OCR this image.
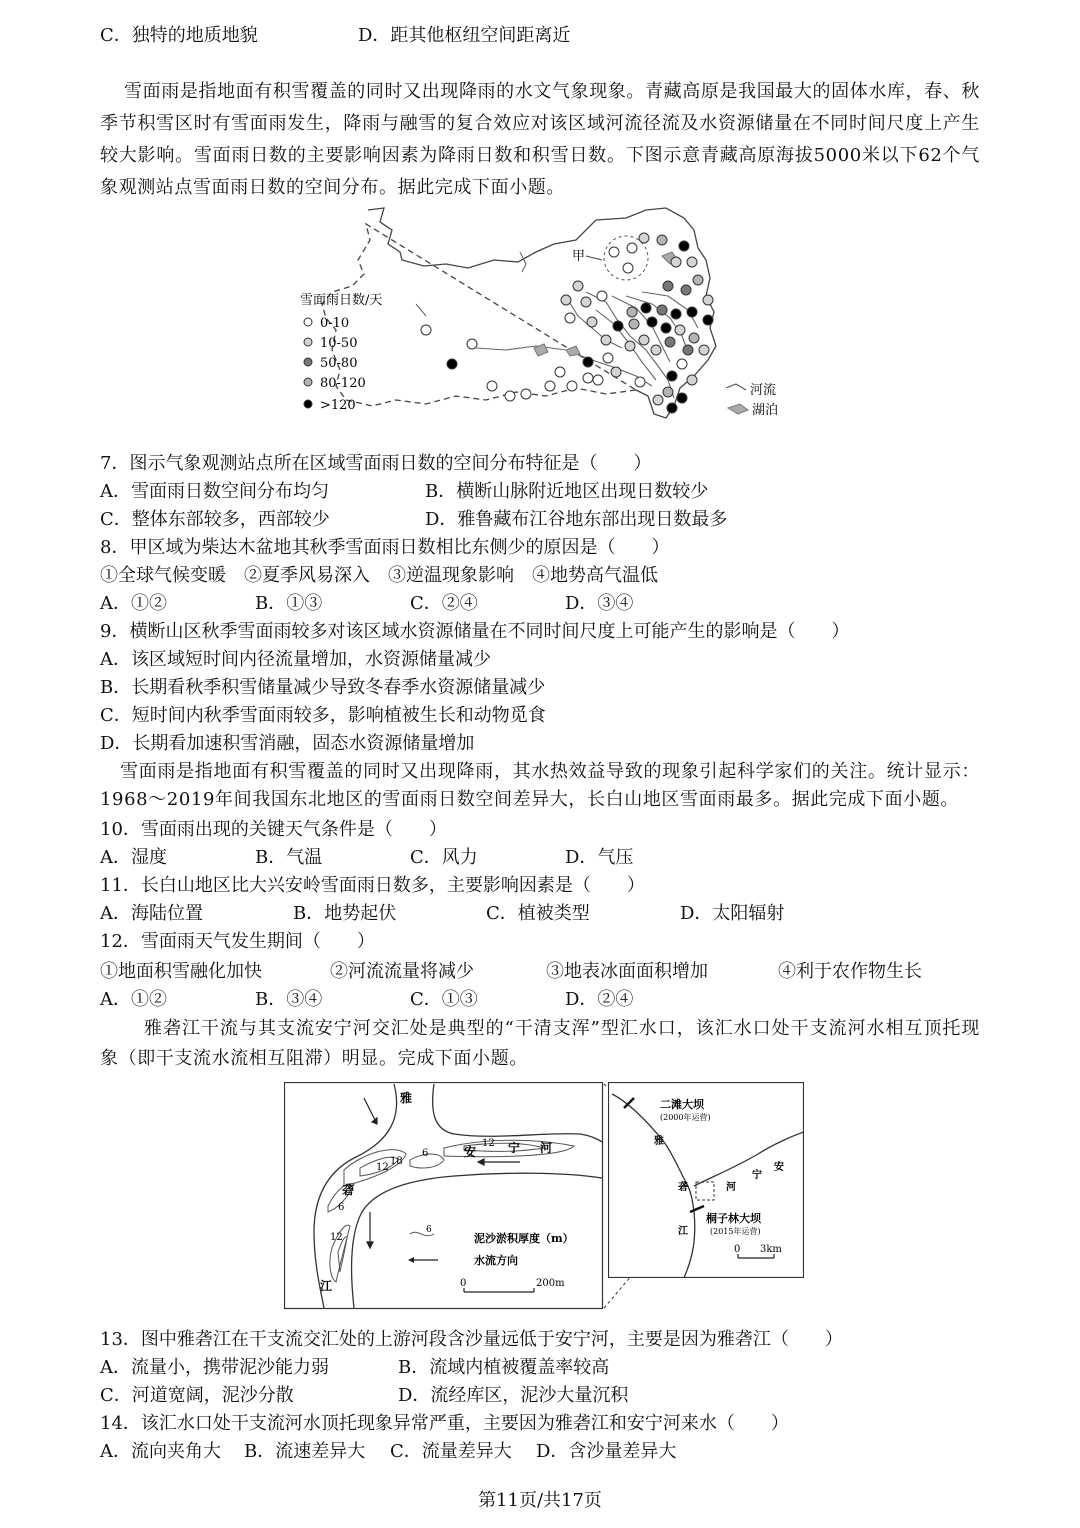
C．独特的地质地貌	D．距其他枢纽空间距离近
雪面雨是指地面有积雪覆盖的同时又出现降雨的水文气象现象。青藏高原是我国最大的固体水库，春、秋季节积雪区时有雪面雨发生，降雨与融雪的复合效应对该区域河流径流及水资源储量在不同时间尺度上产生较大影响。雪面雨日数的主要影响因素为降雨日数和积雪日数。下图示意青藏高原海拔5000米以下62个气象观测站点雪面雨日数的空间分布。据此完成下面小题。
甲
雪面雨日数/天
0-10
10-50
50-80
80-120
>120
河流
湖泊
7．图示气象观测站点所在区域雪面雨日数的空间分布特征是（　　）
A．雪面雨日数空间分布均匀	B．横断山脉附近地区出现日数较少
C．整体东部较多，西部较少	D．雅鲁藏布江谷地东部出现日数最多
8．甲区域为柴达木盆地其秋季雪面雨日数相比东侧少的原因是（　　）
①全球气候变暖　②夏季风易深入　③逆温现象影响　④地势高气温低
A．①②	B．①③	C．②④	D．③④
9．横断山区秋季雪面雨较多对该区域水资源储量在不同时间尺度上可能产生的影响是（　　）
A．该区域短时间内径流量增加，水资源储量减少
B．长期看秋季积雪储量减少导致冬春季水资源储量减少
C．短时间内秋季雪面雨较多，影响植被生长和动物觅食
D．长期看加速积雪消融，固态水资源储量增加
雪面雨是指地面有积雪覆盖的同时又出现降雨，其水热效益导致的现象引起科学家们的关注。统计显示：1968～2019年间我国东北地区的雪面雨日数空间差异大，长白山地区雪面雨最多。据此完成下面小题。
10．雪面雨出现的关键天气条件是（　　）
A．湿度	B．气温	C．风力	D．气压
11．长白山地区比大兴安岭雪面雨日数多，主要影响因素是（　　）
A．海陆位置	B．地势起伏	C．植被类型	D．太阳辐射
12．雪面雨天气发生期间（　　）
①地面积雪融化加快	②河流流量将减少	③地表冰面面积增加	④利于农作物生长
A．①②	B．③④	C．①③	D．②④
雅砻江干流与其支流安宁河交汇处是典型的“干清支浑”型汇水口，该汇水口处干支流河水相互顶托现象（即干支流水流相互阻滞）明显。完成下面小题。
18
12
6
12
6
12
雅
砻
江
安	宁 河
6
泥沙淤积厚度（m）
水流方向
0	200m
二滩大坝
(2000年运营)
桐子林大坝
(2015年运营)
雅
砻
江
安
宁
河
0 3km
13．图中雅砻江在干支流交汇处的上游河段含沙量远低于安宁河，主要是因为雅砻江（　　）
A．流量小，携带泥沙能力弱	B．流域内植被覆盖率较高
C．河道宽阔，泥沙分散	D．流经库区，泥沙大量沉积
14．该汇水口处干支流河水顶托现象异常严重，主要因为雅砻江和安宁河来水（　　）
A．流向夹角大 B．流速差异大 C．流量差异大 D．含沙量差异大
第11页/共17页
